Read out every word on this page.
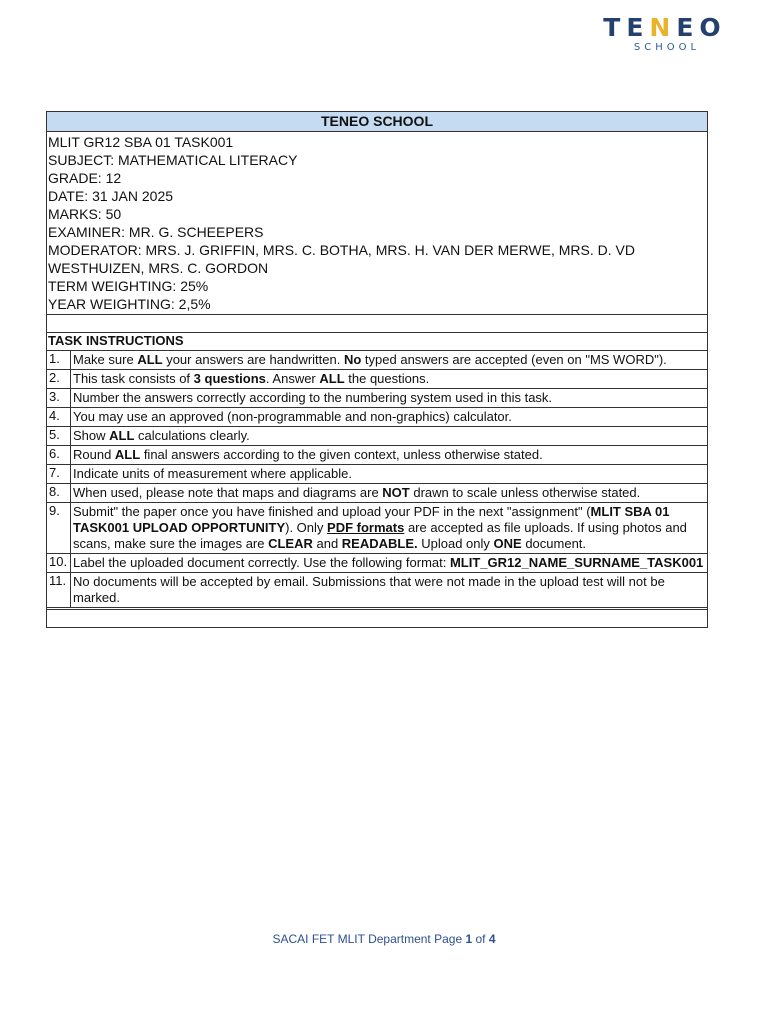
TENEO
SCHOOL
TENEO SCHOOL
MLIT GR12 SBA 01 TASK001
SUBJECT: MATHEMATICAL LITERACY
GRADE: 12
DATE: 31 JAN 2025
MARKS: 50
EXAMINER: MR. G. SCHEEPERS
MODERATOR: MRS. J. GRIFFIN, MRS. C. BOTHA, MRS. H. VAN DER MERWE, MRS. D. VD
WESTHUIZEN, MRS. C. GORDON
TERM WEIGHTING: 25%
YEAR WEIGHTING: 2,5%
TASK INSTRUCTIONS
1.	Make sure ALL your answers are handwritten. No typed answers are accepted (even on "MS WORD").
2.	This task consists of 3 questions. Answer ALL the questions.
3.	Number the answers correctly according to the numbering system used in this task.
4.	You may use an approved (non-programmable and non-graphics) calculator.
5.	Show ALL calculations clearly.
6.	Round ALL final answers according to the given context, unless otherwise stated.
7.	Indicate units of measurement where applicable.
8.	When used, please note that maps and diagrams are NOT drawn to scale unless otherwise stated.
9.	Submit" the paper once you have finished and upload your PDF in the next "assignment" (MLIT SBA 01 TASK001 UPLOAD OPPORTUNITY). Only PDF formats are accepted as file uploads. If using photos and scans, make sure the images are CLEAR and READABLE. Upload only ONE document.
10. Label the uploaded document correctly. Use the following format: MLIT_GR12_NAME_SURNAME_TASK001
11. No documents will be accepted by email. Submissions that were not made in the upload test will not be marked.
SACAI FET MLIT Department Page 1 of 4
